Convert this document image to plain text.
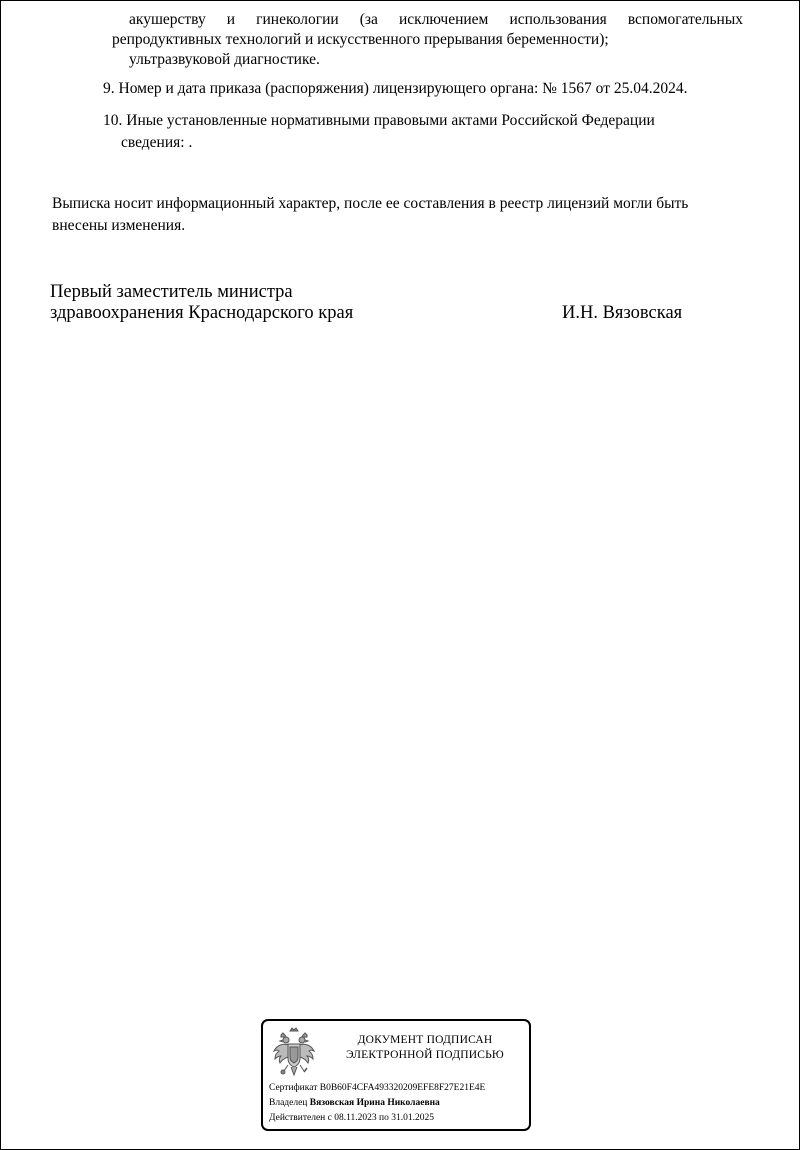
акушерству и гинекологии (за исключением использования вспомогательных
репродуктивных технологий и искусственного прерывания беременности);
ультразвуковой диагностике.
9. Номер и дата приказа (распоряжения) лицензирующего органа: № 1567 от 25.04.2024.
10. Иные установленные нормативными правовыми актами Российской Федерации
сведения: .
Выписка носит информационный характер, после ее составления в реестр лицензий могли быть
внесены изменения.
Первый заместитель министра
здравоохранения Краснодарского края	И.Н. Вязовская
ДОКУМЕНТ ПОДПИСАН
ЭЛЕКТРОННОЙ ПОДПИСЬЮ
Сертификат B0B60F4CFA493320209EFE8F27E21E4E
Владелец Вязовская Ирина Николаевна
Действителен с 08.11.2023 по 31.01.2025
